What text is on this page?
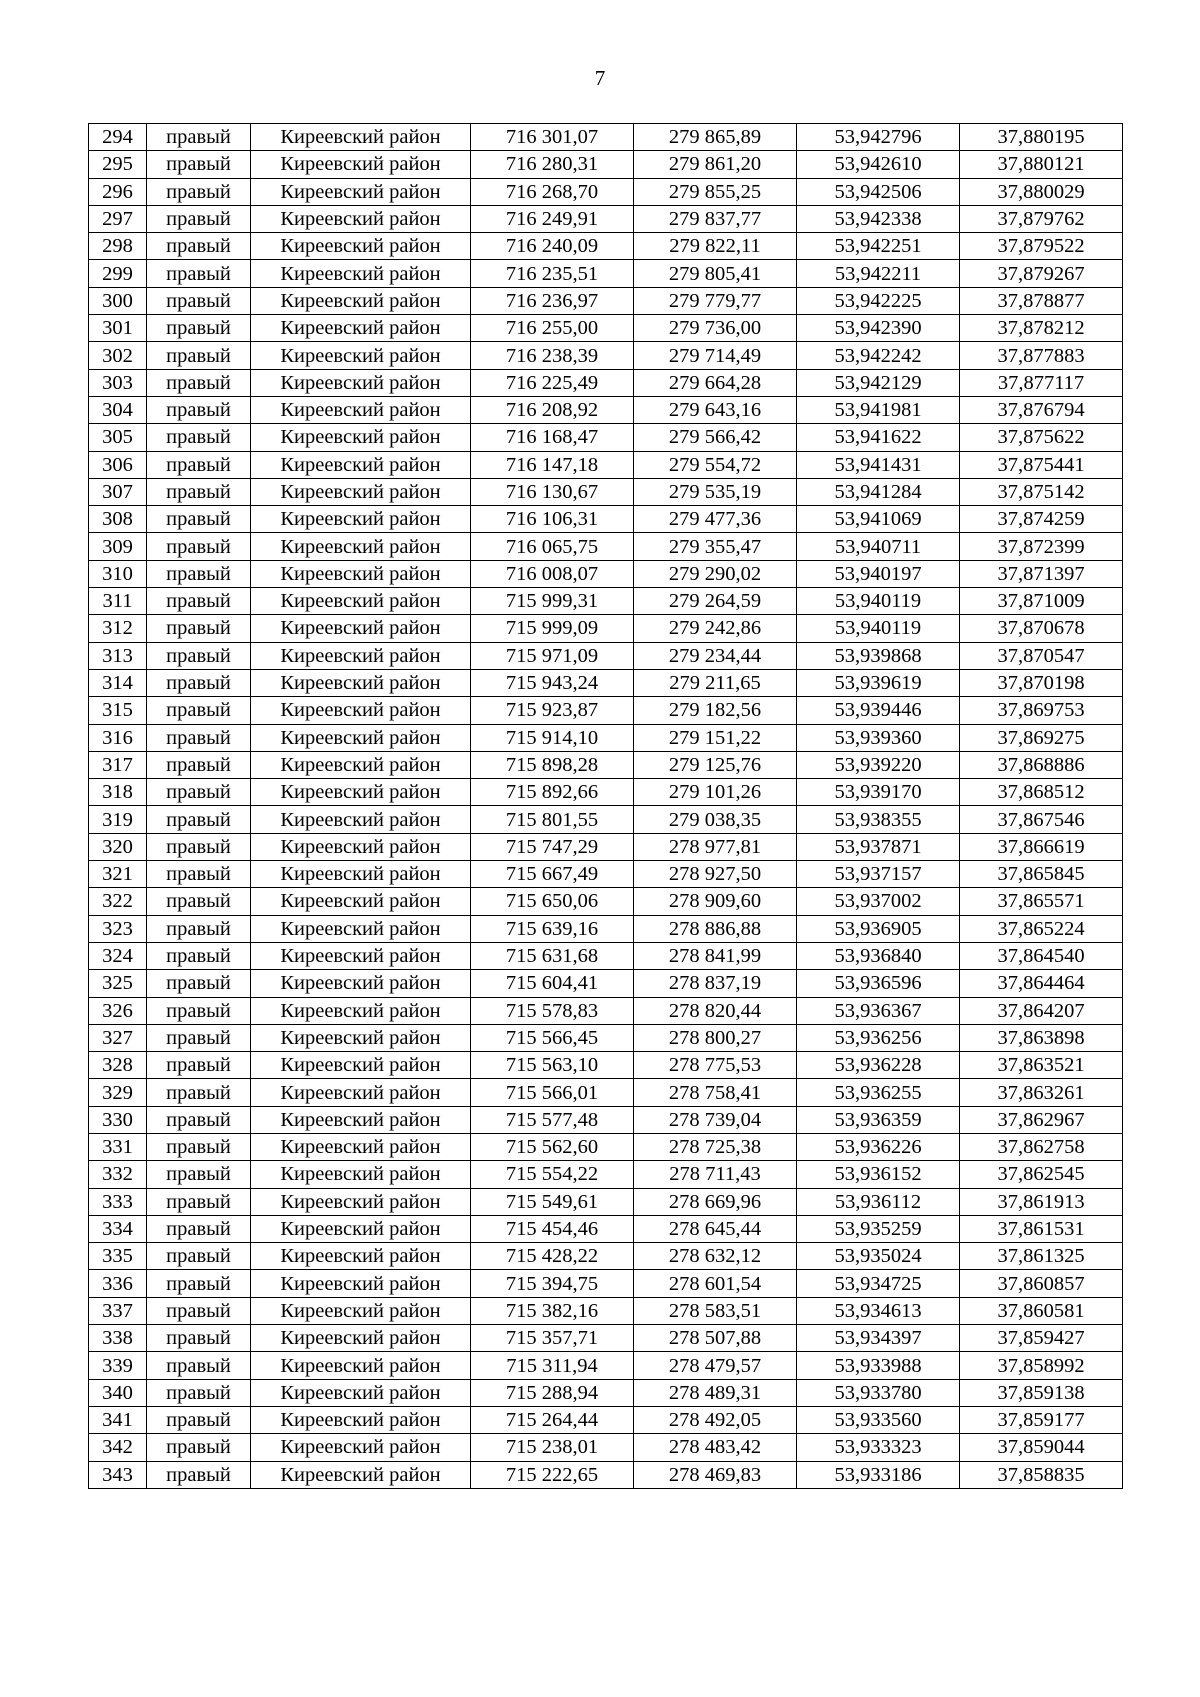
7
294	правый	Киреевский район	716 301,07	279 865,89	53,942796	37,880195
295	правый	Киреевский район	716 280,31	279 861,20	53,942610	37,880121
296	правый	Киреевский район	716 268,70	279 855,25	53,942506	37,880029
297	правый	Киреевский район	716 249,91	279 837,77	53,942338	37,879762
298	правый	Киреевский район	716 240,09	279 822,11	53,942251	37,879522
299	правый	Киреевский район	716 235,51	279 805,41	53,942211	37,879267
300	правый	Киреевский район	716 236,97	279 779,77	53,942225	37,878877
301	правый	Киреевский район	716 255,00	279 736,00	53,942390	37,878212
302	правый	Киреевский район	716 238,39	279 714,49	53,942242	37,877883
303	правый	Киреевский район	716 225,49	279 664,28	53,942129	37,877117
304	правый	Киреевский район	716 208,92	279 643,16	53,941981	37,876794
305	правый	Киреевский район	716 168,47	279 566,42	53,941622	37,875622
306	правый	Киреевский район	716 147,18	279 554,72	53,941431	37,875441
307	правый	Киреевский район	716 130,67	279 535,19	53,941284	37,875142
308	правый	Киреевский район	716 106,31	279 477,36	53,941069	37,874259
309	правый	Киреевский район	716 065,75	279 355,47	53,940711	37,872399
310	правый	Киреевский район	716 008,07	279 290,02	53,940197	37,871397
311	правый	Киреевский район	715 999,31	279 264,59	53,940119	37,871009
312	правый	Киреевский район	715 999,09	279 242,86	53,940119	37,870678
313	правый	Киреевский район	715 971,09	279 234,44	53,939868	37,870547
314	правый	Киреевский район	715 943,24	279 211,65	53,939619	37,870198
315	правый	Киреевский район	715 923,87	279 182,56	53,939446	37,869753
316	правый	Киреевский район	715 914,10	279 151,22	53,939360	37,869275
317	правый	Киреевский район	715 898,28	279 125,76	53,939220	37,868886
318	правый	Киреевский район	715 892,66	279 101,26	53,939170	37,868512
319	правый	Киреевский район	715 801,55	279 038,35	53,938355	37,867546
320	правый	Киреевский район	715 747,29	278 977,81	53,937871	37,866619
321	правый	Киреевский район	715 667,49	278 927,50	53,937157	37,865845
322	правый	Киреевский район	715 650,06	278 909,60	53,937002	37,865571
323	правый	Киреевский район	715 639,16	278 886,88	53,936905	37,865224
324	правый	Киреевский район	715 631,68	278 841,99	53,936840	37,864540
325	правый	Киреевский район	715 604,41	278 837,19	53,936596	37,864464
326	правый	Киреевский район	715 578,83	278 820,44	53,936367	37,864207
327	правый	Киреевский район	715 566,45	278 800,27	53,936256	37,863898
328	правый	Киреевский район	715 563,10	278 775,53	53,936228	37,863521
329	правый	Киреевский район	715 566,01	278 758,41	53,936255	37,863261
330	правый	Киреевский район	715 577,48	278 739,04	53,936359	37,862967
331	правый	Киреевский район	715 562,60	278 725,38	53,936226	37,862758
332	правый	Киреевский район	715 554,22	278 711,43	53,936152	37,862545
333	правый	Киреевский район	715 549,61	278 669,96	53,936112	37,861913
334	правый	Киреевский район	715 454,46	278 645,44	53,935259	37,861531
335	правый	Киреевский район	715 428,22	278 632,12	53,935024	37,861325
336	правый	Киреевский район	715 394,75	278 601,54	53,934725	37,860857
337	правый	Киреевский район	715 382,16	278 583,51	53,934613	37,860581
338	правый	Киреевский район	715 357,71	278 507,88	53,934397	37,859427
339	правый	Киреевский район	715 311,94	278 479,57	53,933988	37,858992
340	правый	Киреевский район	715 288,94	278 489,31	53,933780	37,859138
341	правый	Киреевский район	715 264,44	278 492,05	53,933560	37,859177
342	правый	Киреевский район	715 238,01	278 483,42	53,933323	37,859044
343	правый	Киреевский район	715 222,65	278 469,83	53,933186	37,858835
